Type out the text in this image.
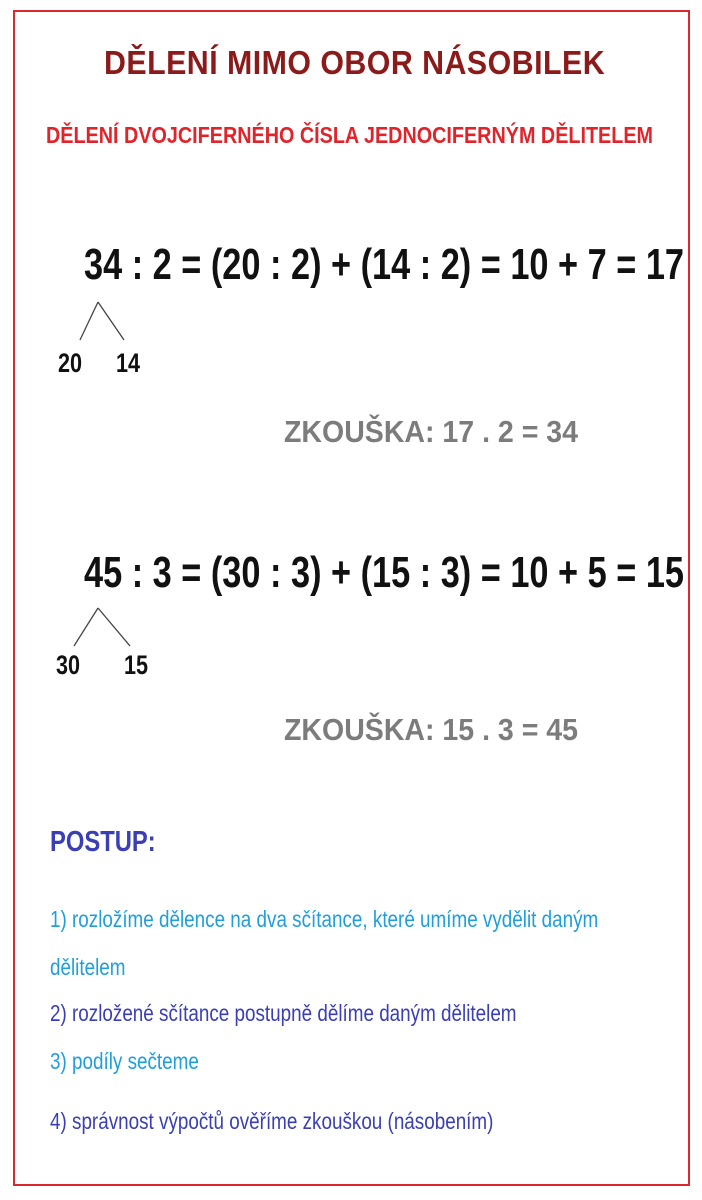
DĚLENÍ MIMO OBOR NÁSOBILEK
DĚLENÍ DVOJCIFERNÉHO ČÍSLA JEDNOCIFERNÝM DĚLITELEM
34 : 2 = (20 : 2) + (14 : 2) = 10 + 7 = 17
20 14
ZKOUŠKA: 17 . 2 = 34
45 : 3 = (30 : 3) + (15 : 3) = 10 + 5 = 15
30 15
ZKOUŠKA: 15 . 3 = 45
POSTUP:
1) rozložíme dělence na dva sčítance, které umíme vydělit daným
dělitelem
2) rozložené sčítance postupně dělíme daným dělitelem
3) podíly sečteme
4) správnost výpočtů ověříme zkouškou (násobením)
